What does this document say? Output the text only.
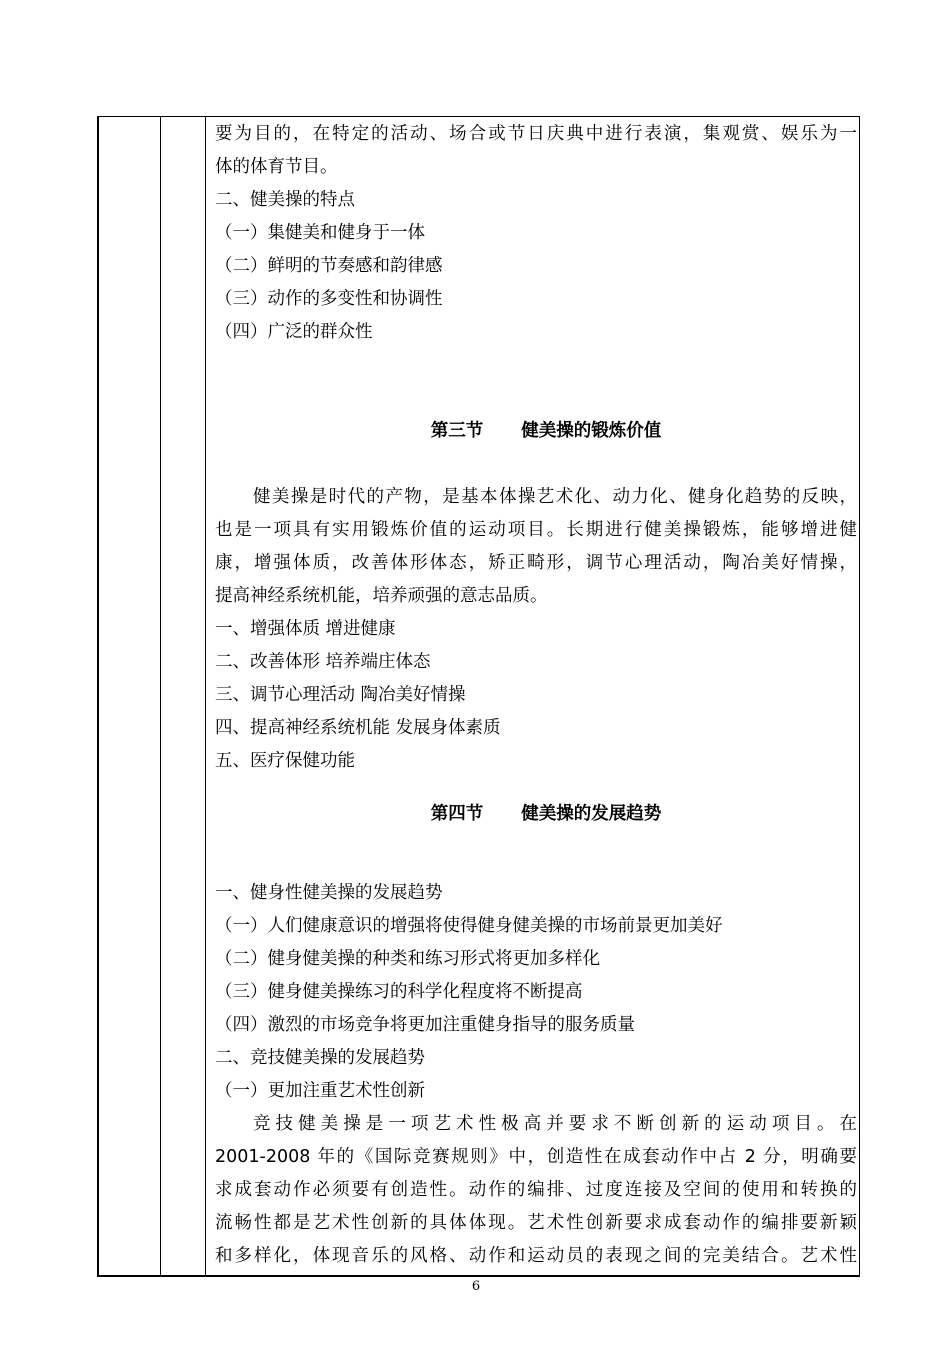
要为目的，在特定的活动、场合或节日庆典中进行表演，集观赏、娱乐为一

体的体育节目。

二、健美操的特点

（一）集健美和健身于一体

（二）鲜明的节奏感和韵律感

（三）动作的多变性和协调性

（四）广泛的群众性

第三节 健美操的锻炼价值

健美操是时代的产物，是基本体操艺术化、动力化、健身化趋势的反映，

也是一项具有实用锻炼价值的运动项目。长期进行健美操锻炼，能够增进健

康，增强体质，改善体形体态，矫正畸形，调节心理活动，陶冶美好情操，

提高神经系统机能，培养顽强的意志品质。

一、增强体质 增进健康

二、改善体形 培养端庄体态

三、调节心理活动 陶冶美好情操

四、提高神经系统机能 发展身体素质

五、医疗保健功能

第四节 健美操的发展趋势

一、健身性健美操的发展趋势

（一）人们健康意识的增强将使得健身健美操的市场前景更加美好

（二）健身健美操的种类和练习形式将更加多样化

（三）健身健美操练习的科学化程度将不断提高

（四）激烈的市场竞争将更加注重健身指导的服务质量

二、竞技健美操的发展趋势

（一）更加注重艺术性创新

竞技健美操是一项艺术性极高并要求不断创新的运动项目。在

2001-2008 年的《国际竞赛规则》中，创造性在成套动作中占 2 分，明确要

求成套动作必须要有创造性。动作的编排、过度连接及空间的使用和转换的

流畅性都是艺术性创新的具体体现。艺术性创新要求成套动作的编排要新颖

和多样化，体现音乐的风格、动作和运动员的表现之间的完美结合。艺术性

6
